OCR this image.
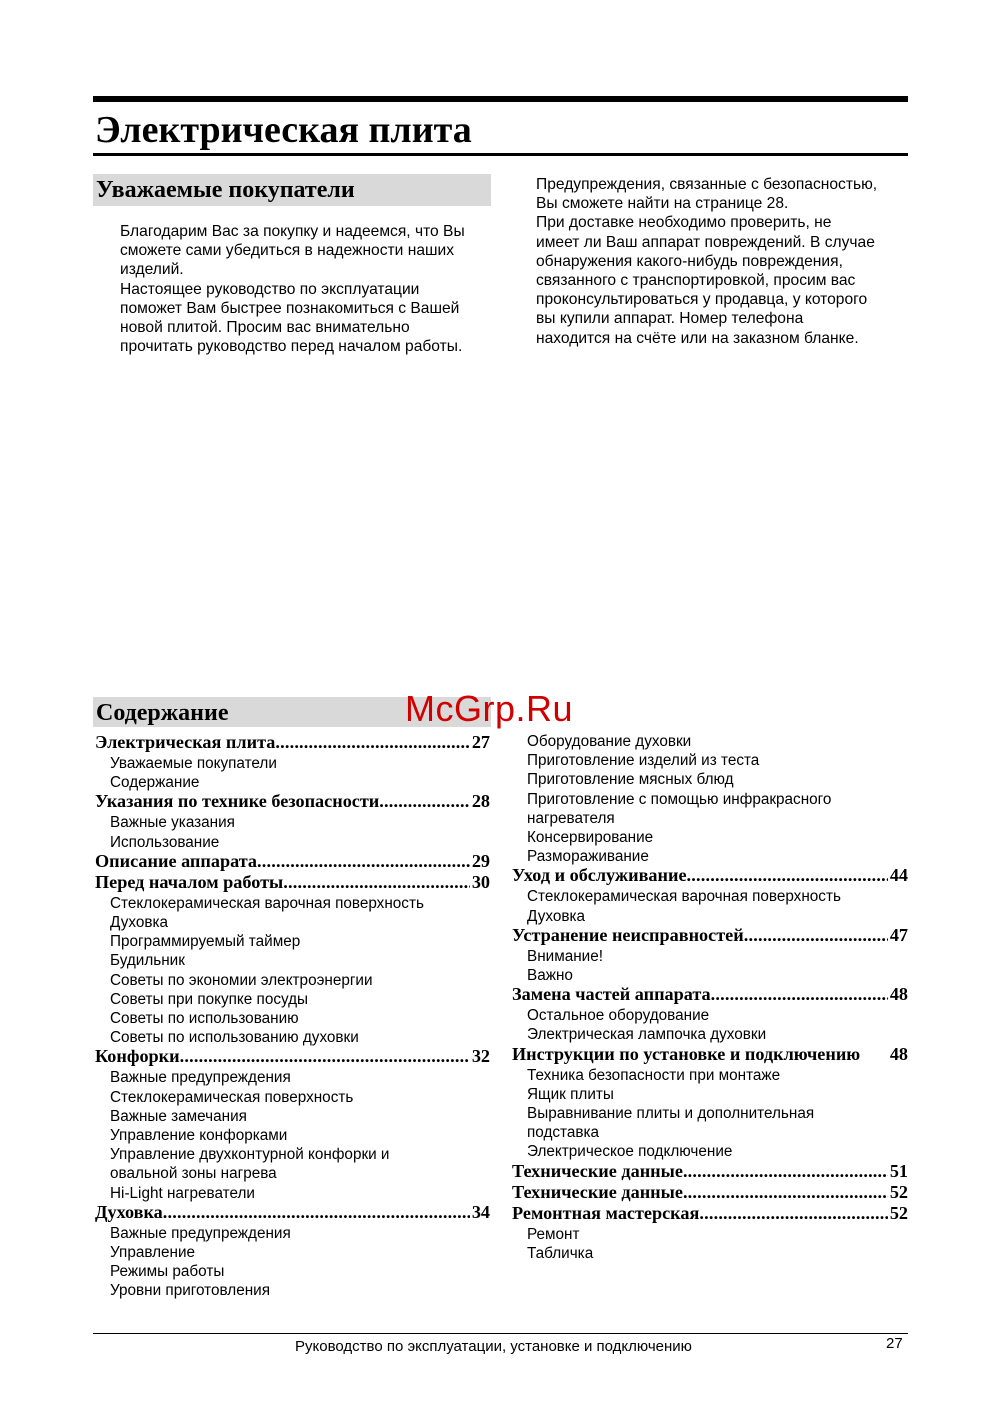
Электрическая плита
Уважаемые покупатели

Благодарим Вас за покупку и надеемся, что Вы

сможете сами убедиться в надежности наших

изделий.

Настоящее руководство по эксплуатации

поможет Вам быстрее познакомиться с Вашей

новой плитой. Просим вас внимательно

прочитать руководство перед началом работы.

Предупреждения, связанные с безопасностью,

Вы сможете найти на странице 28.

При доставке необходимо проверить, не

имеет ли Ваш аппарат повреждений. В случае

обнаружения какого-нибудь повреждения,

связанного с транспортировкой, просим вас

проконсультироваться у продавца, у которого

вы купили аппарат. Номер телефона

находится на счёте или на заказном бланке.

Содержание	McGrp.Ru
Электрическая плита .....	27
Уважаемые покупатели
Содержание
Указания по технике безопасности .....	28
Важные указания
Использование
Описание аппарата .....	29
Перед началом работы .....	30
Стеклокерамическая варочная поверхность
Духовка
Программируемый таймер
Будильник
Советы по экономии электроэнергии
Советы при покупке посуды
Советы по использованию
Советы по использованию духовки
Конфорки .....	32
Важные предупреждения
Стеклокерамическая поверхность
Важные замечания
Управление конфорками
Управление двухконтурной конфорки и
овальной зоны нагрева
Hi-Light нагреватели
Духовка .....	34
Важные предупреждения
Управление
Режимы работы
Уровни приготовления
Оборудование духовки
Приготовление изделий из теста
Приготовление мясных блюд
Приготовление с помощью инфракрасного
нагревателя
Консервирование
Размораживание
Уход и обслуживание .....	44
Стеклокерамическая варочная поверхность
Духовка
Устранение неисправностей .....	47
Внимание!
Важно
Замена частей аппарата .....	48
Остальное оборудование
Электрическая лампочка духовки
Инструкции по установке и подключению 48
Техника безопасности при монтаже
Ящик плиты
Выравнивание плиты и дополнительная
подставка
Электрическое подключение
Технические данные .....	51
Технические данные .....	52
Ремонтная мастерская .....	52
Ремонт
Табличка
Руководство по эксплуатации, установке и подключению	27
